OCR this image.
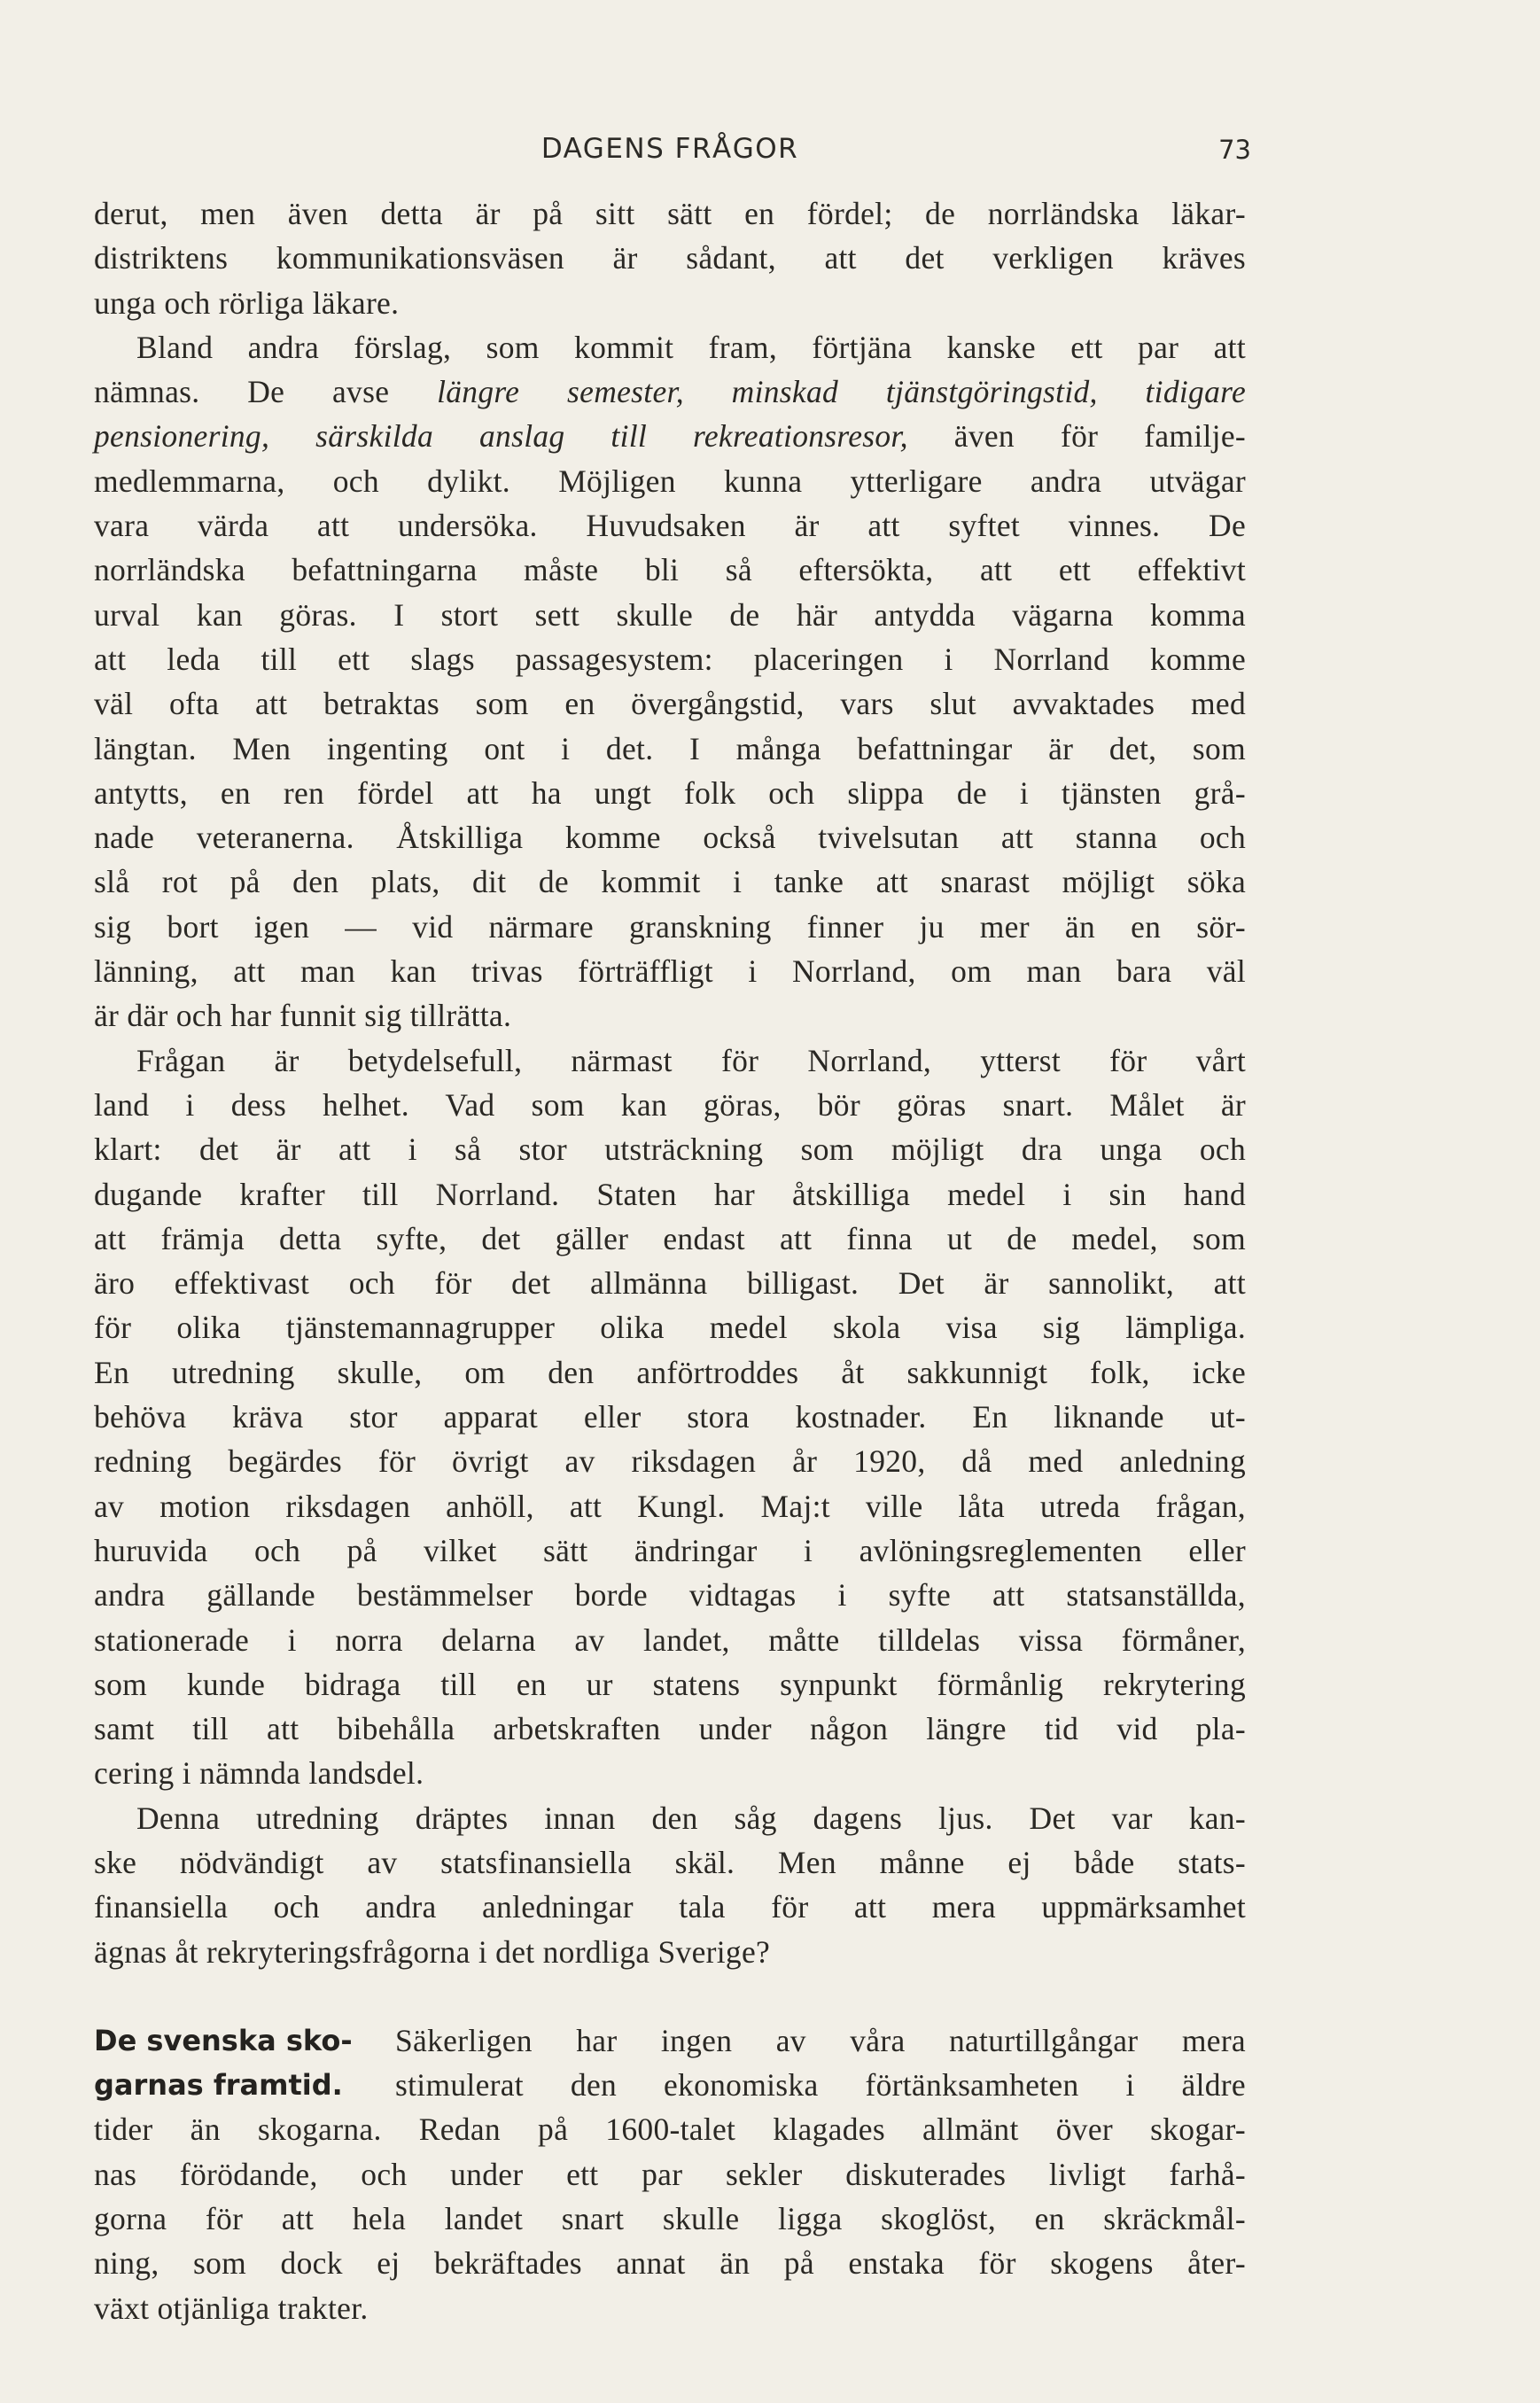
DAGENS FRÅGOR	73
derut, men även detta är på sitt sätt en fördel; de norrländska läkar-
distriktens kommunikationsväsen är sådant, att det verkligen kräves
unga och rörliga läkare.
Bland andra förslag, som kommit fram, förtjäna kanske ett par att
nämnas. De avse längre semester, minskad tjänstgöringstid, tidigare
pensionering, särskilda anslag till rekreationsresor, även för familje-
medlemmarna, och dylikt. Möjligen kunna ytterligare andra utvägar
vara värda att undersöka. Huvudsaken är att syftet vinnes. De
norrländska befattningarna måste bli så eftersökta, att ett effektivt
urval kan göras. I stort sett skulle de här antydda vägarna komma
att leda till ett slags passagesystem: placeringen i Norrland komme
väl ofta att betraktas som en övergångstid, vars slut avvaktades med
längtan. Men ingenting ont i det. I många befattningar är det, som
antytts, en ren fördel att ha ungt folk och slippa de i tjänsten grå-
nade veteranerna. Åtskilliga komme också tvivelsutan att stanna och
slå rot på den plats, dit de kommit i tanke att snarast möjligt söka
sig bort igen — vid närmare granskning finner ju mer än en sör-
länning, att man kan trivas förträffligt i Norrland, om man bara väl
är där och har funnit sig tillrätta.
Frågan är betydelsefull, närmast för Norrland, ytterst för vårt
land i dess helhet. Vad som kan göras, bör göras snart. Målet är
klart: det är att i så stor utsträckning som möjligt dra unga och
dugande krafter till Norrland. Staten har åtskilliga medel i sin hand
att främja detta syfte, det gäller endast att finna ut de medel, som
äro effektivast och för det allmänna billigast. Det är sannolikt, att
för olika tjänstemannagrupper olika medel skola visa sig lämpliga.
En utredning skulle, om den anförtroddes åt sakkunnigt folk, icke
behöva kräva stor apparat eller stora kostnader. En liknande ut-
redning begärdes för övrigt av riksdagen år 1920, då med anledning
av motion riksdagen anhöll, att Kungl. Maj:t ville låta utreda frågan,
huruvida och på vilket sätt ändringar i avlöningsreglementen eller
andra gällande bestämmelser borde vidtagas i syfte att statsanställda,
stationerade i norra delarna av landet, måtte tilldelas vissa förmåner,
som kunde bidraga till en ur statens synpunkt förmånlig rekrytering
samt till att bibehålla arbetskraften under någon längre tid vid pla-
cering i nämnda landsdel.
Denna utredning dräptes innan den såg dagens ljus. Det var kan-
ske nödvändigt av statsfinansiella skäl. Men månne ej både stats-
finansiella och andra anledningar tala för att mera uppmärksamhet
ägnas åt rekryteringsfrågorna i det nordliga Sverige?
De svenska sko-
garnas framtid.
Säkerligen har ingen av våra naturtillgångar mera
stimulerat den ekonomiska förtänksamheten i äldre
tider än skogarna. Redan på 1600-talet klagades allmänt över skogar-
nas förödande, och under ett par sekler diskuterades livligt farhå-
gorna för att hela landet snart skulle ligga skoglöst, en skräckmål-
ning, som dock ej bekräftades annat än på enstaka för skogens åter-
växt otjänliga trakter.
